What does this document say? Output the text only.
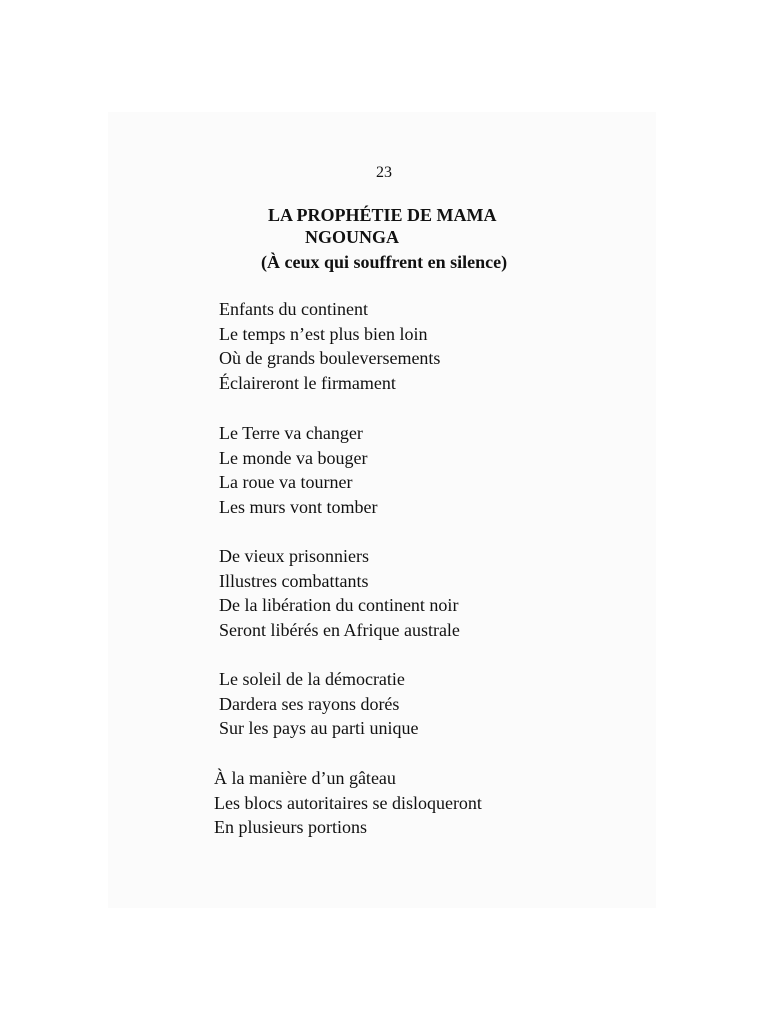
23
LA PROPHÉTIE DE MAMA
NGOUNGA
(À ceux qui souffrent en silence)
Enfants du continent
Le temps n’est plus bien loin
Où de grands bouleversements
Éclaireront le firmament
Le Terre va changer
Le monde va bouger
La roue va tourner
Les murs vont tomber
De vieux prisonniers
Illustres combattants
De la libération du continent noir
Seront libérés en Afrique australe
Le soleil de la démocratie
Dardera ses rayons dorés
Sur les pays au parti unique
À la manière d’un gâteau
Les blocs autoritaires se disloqueront
En plusieurs portions
